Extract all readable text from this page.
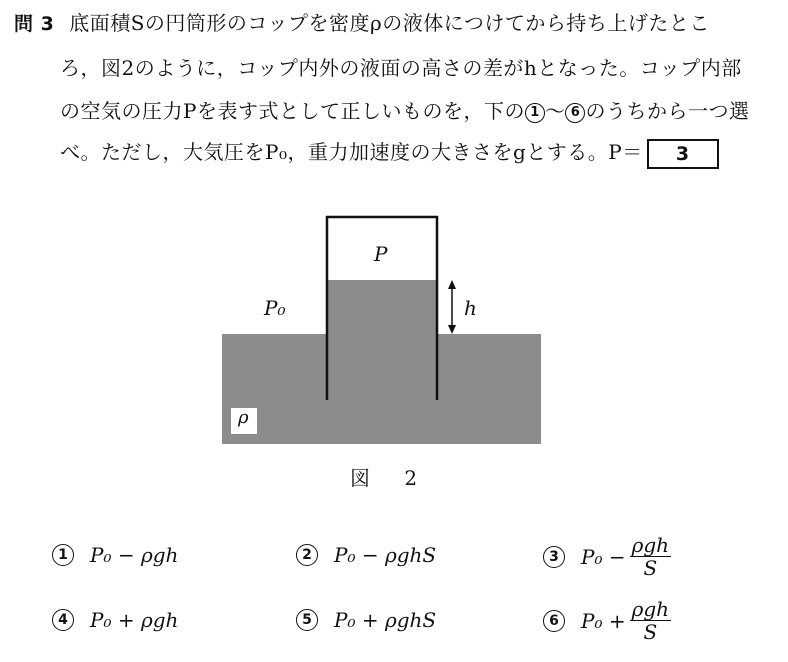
問 3 底面積Sの円筒形のコップを密度ρの液体につけてから持ち上げたとこ
ろ，図2のように，コップ内外の液面の高さの差がhとなった。コップ内部
の空気の圧力Pを表す式として正しいものを，下の 1 ～ 6 のうちから一つ選
べ。ただし，大気圧をP₀，重力加速度の大きさをgとする。P＝ 3
P
P₀	h
ρ
図 2
1	P₀ − ρgh	2	P₀ − ρghS	3	$P_0 - \frac{\text{ρgh}}{S}$
4	P₀ + ρgh	5	P₀ + ρghS	6	$P_0 + \frac{\text{ρgh}}{S}$
